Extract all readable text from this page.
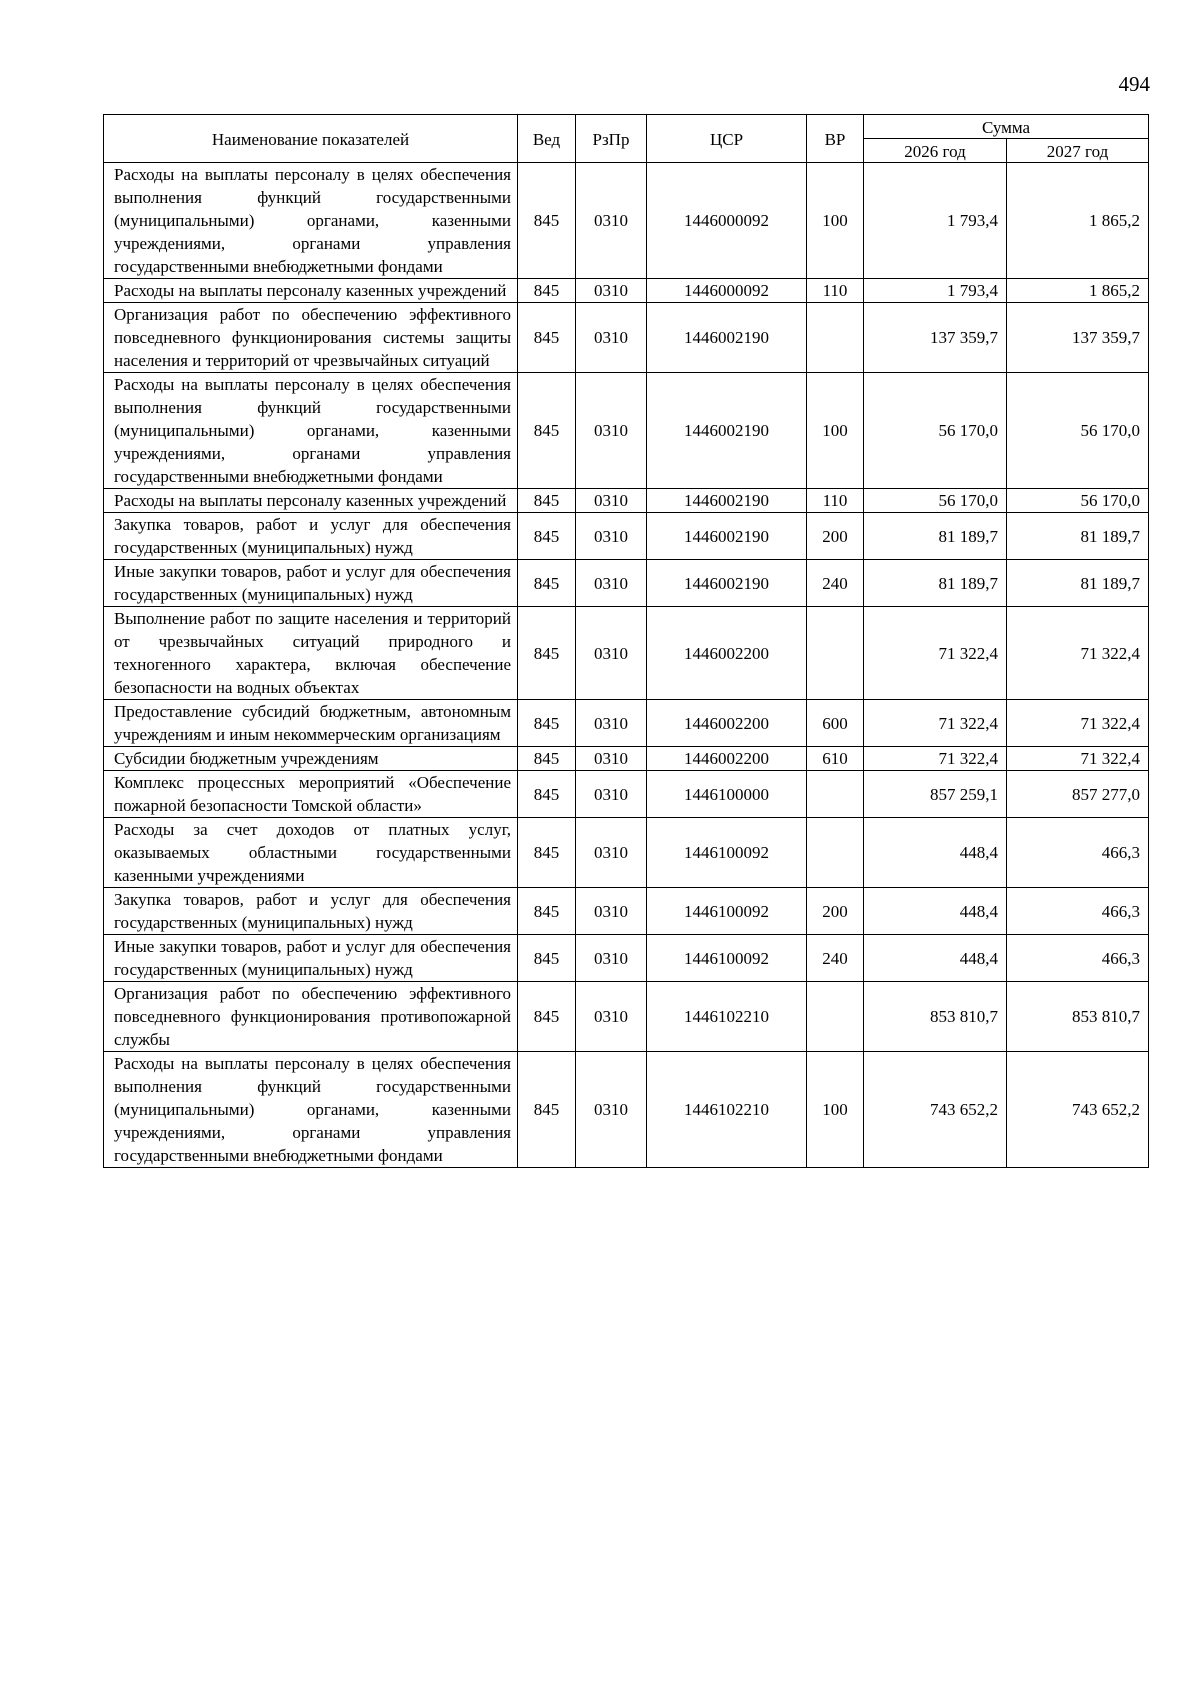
494
Наименование показателей	Вед	РзПр	ЦСР	ВР	Сумма	
					2026 год	2027 год
Расходы на выплаты персоналу в целях обеспечения выполнения функций государственными (муниципальными) органами, казенными учреждениями, органами управления государственными внебюджетными фондами	845	0310	1446000092	100	1 793,4	1 865,2
Расходы на выплаты персоналу казенных учреждений	845	0310	1446000092	110	1 793,4	1 865,2
Организация работ по обеспечению эффективного повседневного функционирования системы защиты населения и территорий от чрезвычайных ситуаций	845	0310	1446002190		137 359,7	137 359,7
Расходы на выплаты персоналу в целях обеспечения выполнения функций государственными (муниципальными) органами, казенными учреждениями, органами управления государственными внебюджетными фондами	845	0310	1446002190	100	56 170,0	56 170,0
Расходы на выплаты персоналу казенных учреждений	845	0310	1446002190	110	56 170,0	56 170,0
Закупка товаров, работ и услуг для обеспечения государственных (муниципальных) нужд	845	0310	1446002190	200	81 189,7	81 189,7
Иные закупки товаров, работ и услуг для обеспечения государственных (муниципальных) нужд	845	0310	1446002190	240	81 189,7	81 189,7
Выполнение работ по защите населения и территорий от чрезвычайных ситуаций природного и техногенного характера, включая обеспечение безопасности на водных объектах	845	0310	1446002200		71 322,4	71 322,4
Предоставление субсидий бюджетным, автономным учреждениям и иным некоммерческим организациям	845	0310	1446002200	600	71 322,4	71 322,4
Субсидии бюджетным учреждениям	845	0310	1446002200	610	71 322,4	71 322,4
Комплекс процессных мероприятий «Обеспечение пожарной безопасности Томской области»	845	0310	1446100000		857 259,1	857 277,0
Расходы за счет доходов от платных услуг, оказываемых областными государственными казенными учреждениями	845	0310	1446100092		448,4	466,3
Закупка товаров, работ и услуг для обеспечения государственных (муниципальных) нужд	845	0310	1446100092	200	448,4	466,3
Иные закупки товаров, работ и услуг для обеспечения государственных (муниципальных) нужд	845	0310	1446100092	240	448,4	466,3
Организация работ по обеспечению эффективного повседневного функционирования противопожарной службы	845	0310	1446102210		853 810,7	853 810,7
Расходы на выплаты персоналу в целях обеспечения выполнения функций государственными (муниципальными) органами, казенными учреждениями, органами управления государственными внебюджетными фондами	845	0310	1446102210	100	743 652,2	743 652,2
